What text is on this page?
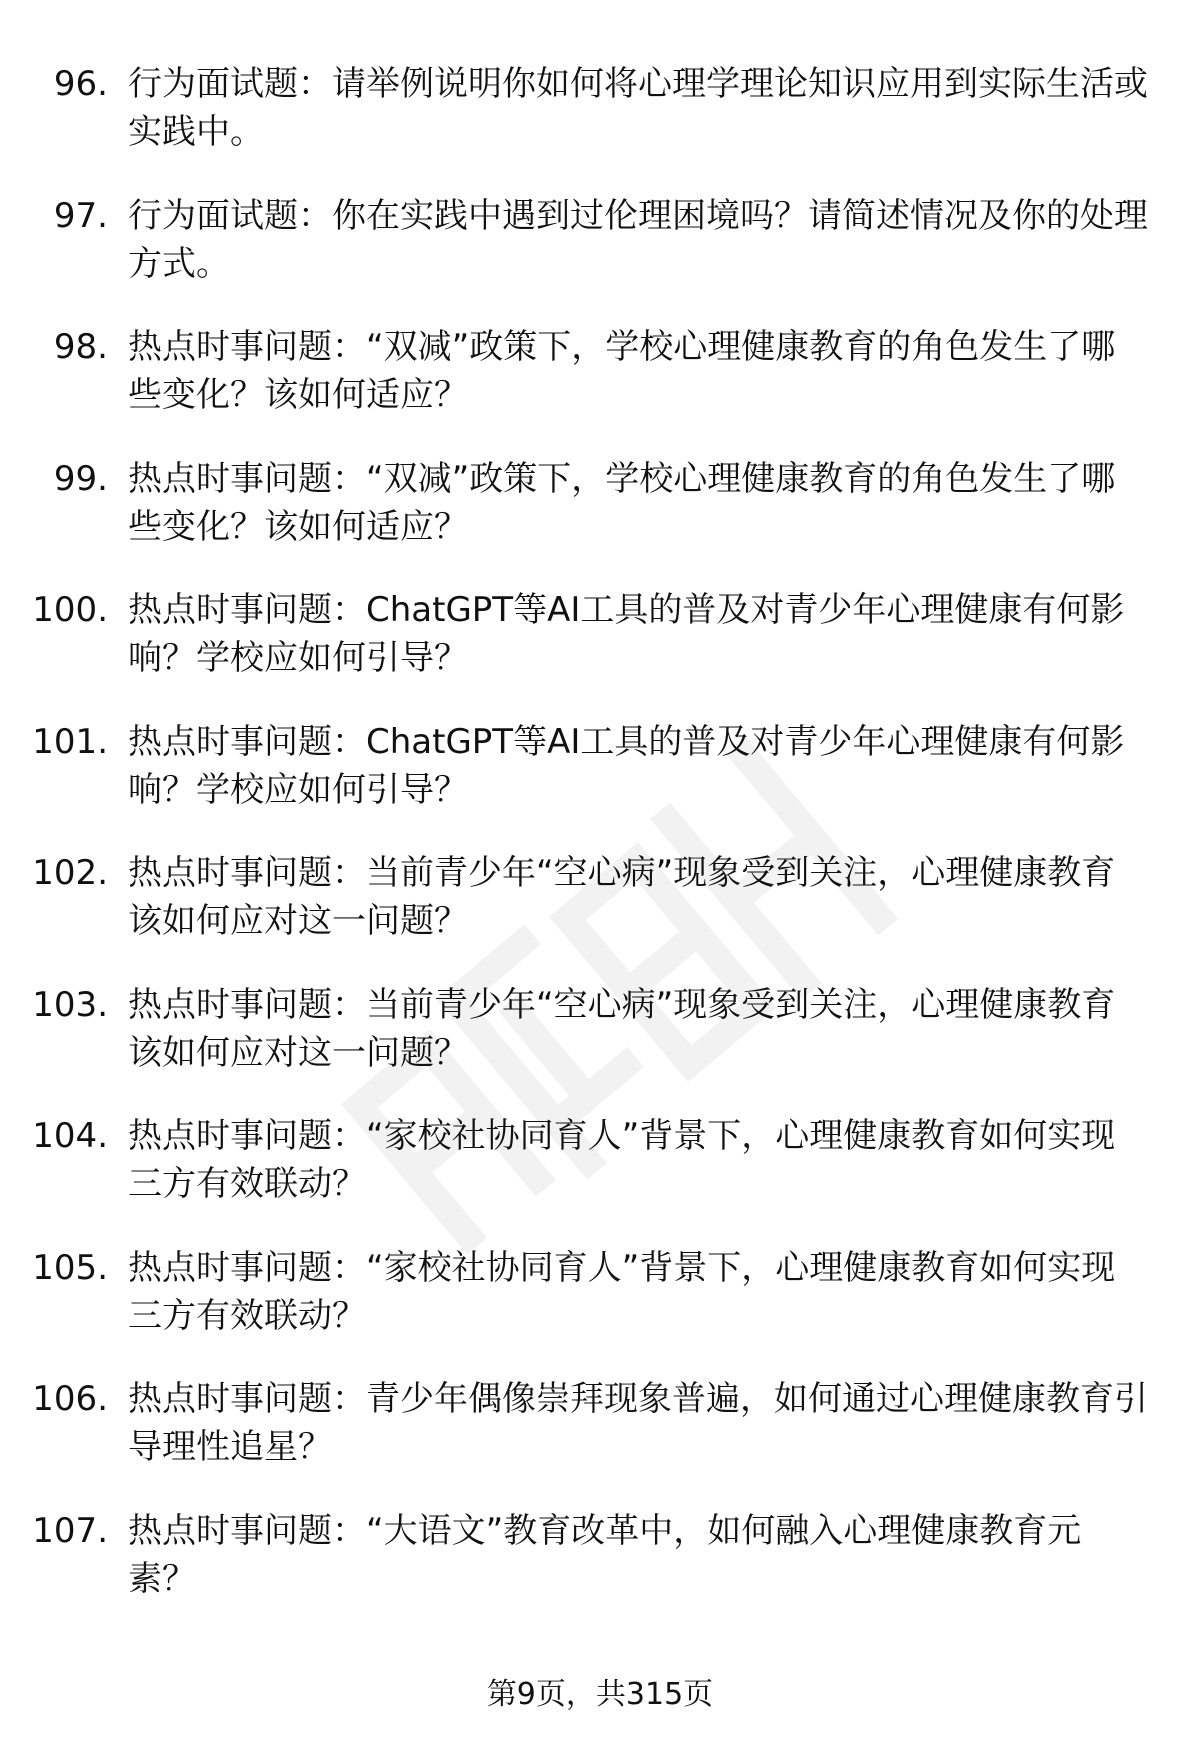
96. 行为面试题：请举例说明你如何将心理学理论知识应用到实际生活或实践中。
97. 行为面试题：你在实践中遇到过伦理困境吗？请简述情况及你的处理方式。
98. 热点时事问题：“双减”政策下，学校心理健康教育的角色发生了哪些变化？该如何适应？
99. 热点时事问题：“双减”政策下，学校心理健康教育的角色发生了哪些变化？该如何适应？
100. 热点时事问题：ChatGPT等AI工具的普及对青少年心理健康有何影响？学校应如何引导？
101. 热点时事问题：ChatGPT等AI工具的普及对青少年心理健康有何影响？学校应如何引导？
102. 热点时事问题：当前青少年“空心病”现象受到关注，心理健康教育该如何应对这一问题？
103. 热点时事问题：当前青少年“空心病”现象受到关注，心理健康教育该如何应对这一问题？
104. 热点时事问题：“家校社协同育人”背景下，心理健康教育如何实现三方有效联动？
105. 热点时事问题：“家校社协同育人”背景下，心理健康教育如何实现三方有效联动？
106. 热点时事问题：青少年偶像崇拜现象普遍，如何通过心理健康教育引导理性追星？
107. 热点时事问题：“大语文”教育改革中，如何融入心理健康教育元素？
第9页，共315页
